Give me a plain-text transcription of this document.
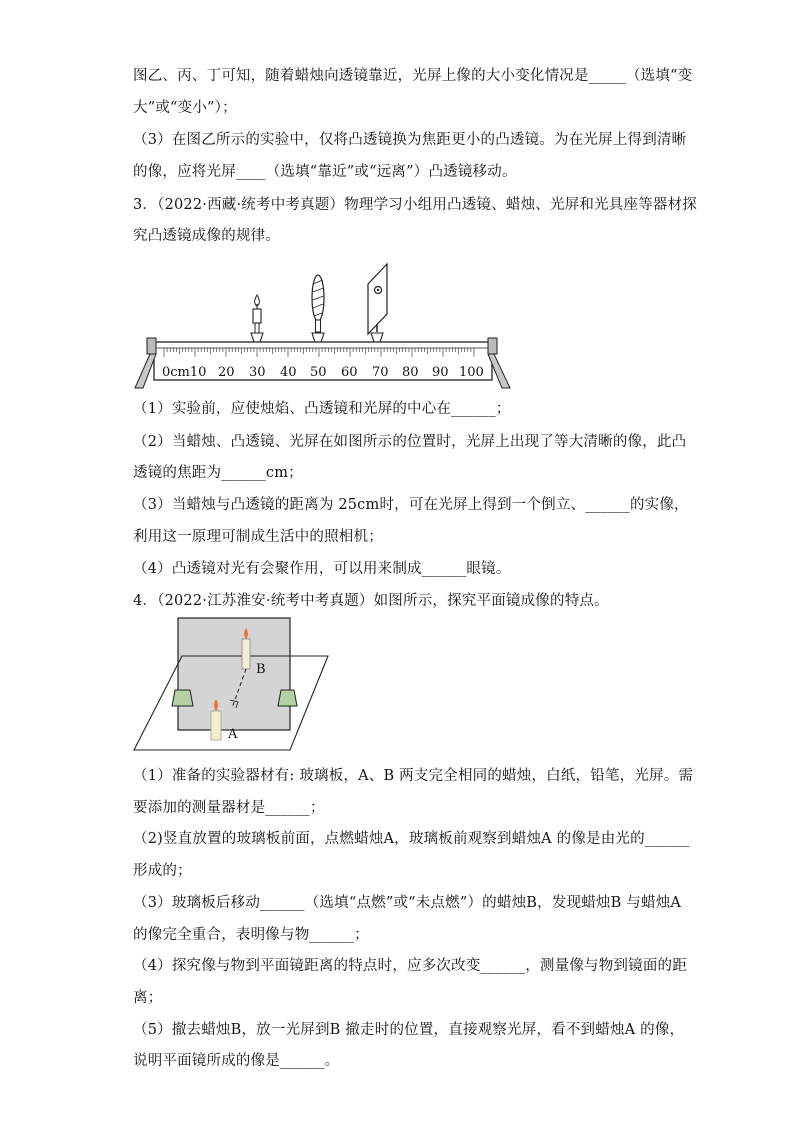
图乙、丙、丁可知，随着蜡烛向透镜靠近，光屏上像的大小变化情况是_____（选填“变
大”或“变小”）；
（3）在图乙所示的实验中，仅将凸透镜换为焦距更小的凸透镜。为在光屏上得到清晰
的像，应将光屏____（选填“靠近”或“远离”）凸透镜移动。
3．（2022·西藏·统考中考真题）物理学习小组用凸透镜、蜡烛、光屏和光具座等器材探
究凸透镜成像的规律。
0cm10 20 30 40 50 60 70 80 90 100
（1）实验前，应使烛焰、凸透镜和光屏的中心在______；
（2）当蜡烛、凸透镜、光屏在如图所示的位置时，光屏上出现了等大清晰的像，此凸
透镜的焦距为______cm；
（3）当蜡烛与凸透镜的距离为 25cm时，可在光屏上得到一个倒立、______的实像，
利用这一原理可制成生活中的照相机；
（4）凸透镜对光有会聚作用，可以用来制成______眼镜。
4．（2022·江苏淮安·统考中考真题）如图所示，探究平面镜成像的特点。
B
A
（1）准备的实验器材有: 玻璃板，A、B 两支完全相同的蜡烛，白纸，铅笔，光屏。需
要添加的测量器材是______；
（2)竖直放置的玻璃板前面，点燃蜡烛A，玻璃板前观察到蜡烛A 的像是由光的______
形成的；
（3）玻璃板后移动______（选填“点燃”或“未点燃”）的蜡烛B，发现蜡烛B 与蜡烛A
的像完全重合，表明像与物______；
（4）探究像与物到平面镜距离的特点时，应多次改变______，测量像与物到镜面的距
离；
（5）撤去蜡烛B，放一光屏到B 撤走时的位置，直接观察光屏，看不到蜡烛A 的像，
说明平面镜所成的像是______。
